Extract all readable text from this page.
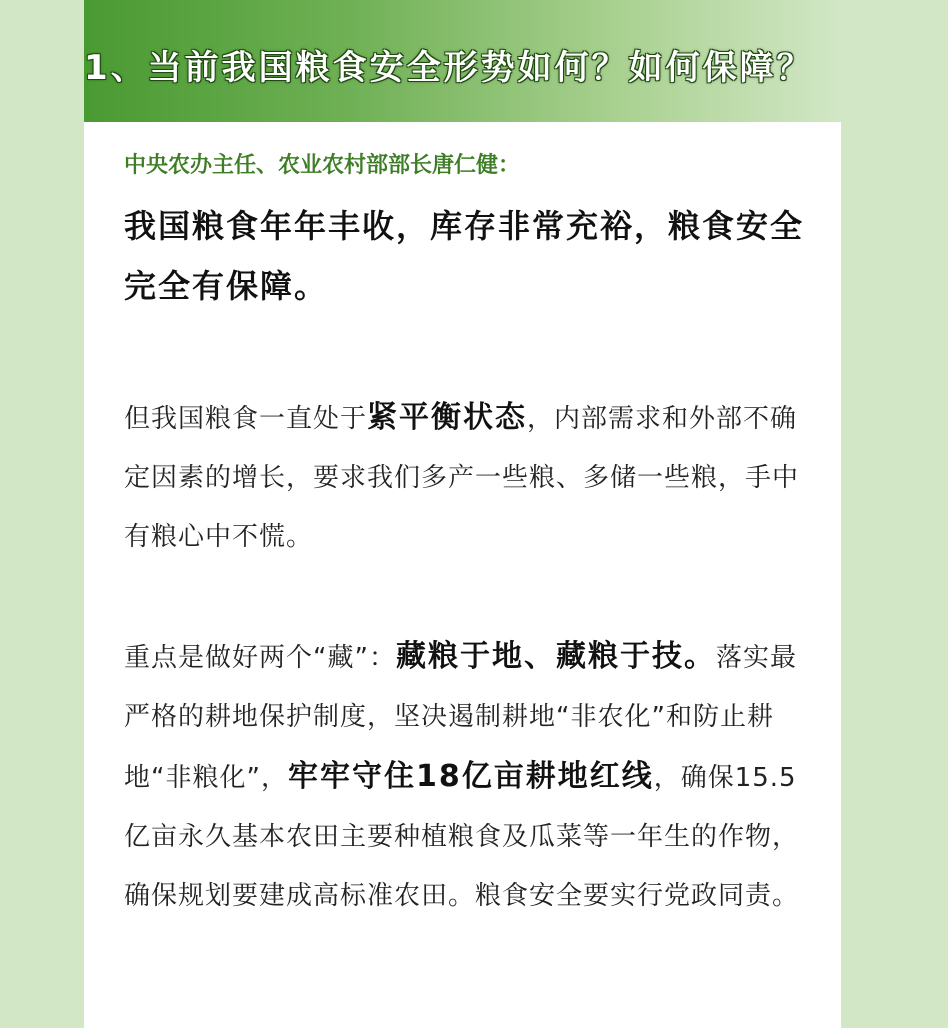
1、当前我国粮食安全形势如何？如何保障？

中央农办主任、农业农村部部长唐仁健：

我国粮食年年丰收，库存非常充裕，粮食安全完全有保障。

但我国粮食一直处于紧平衡状态，内部需求和外部不确定因素的增长，要求我们多产一些粮、多储一些粮，手中有粮心中不慌。

重点是做好两个“藏”：藏粮于地、藏粮于技。落实最严格的耕地保护制度，坚决遏制耕地“非农化”和防止耕地“非粮化”，牢牢守住18亿亩耕地红线，确保15.5亿亩永久基本农田主要种植粮食及瓜菜等一年生的作物，确保规划要建成高标准农田。粮食安全要实行党政同责。
